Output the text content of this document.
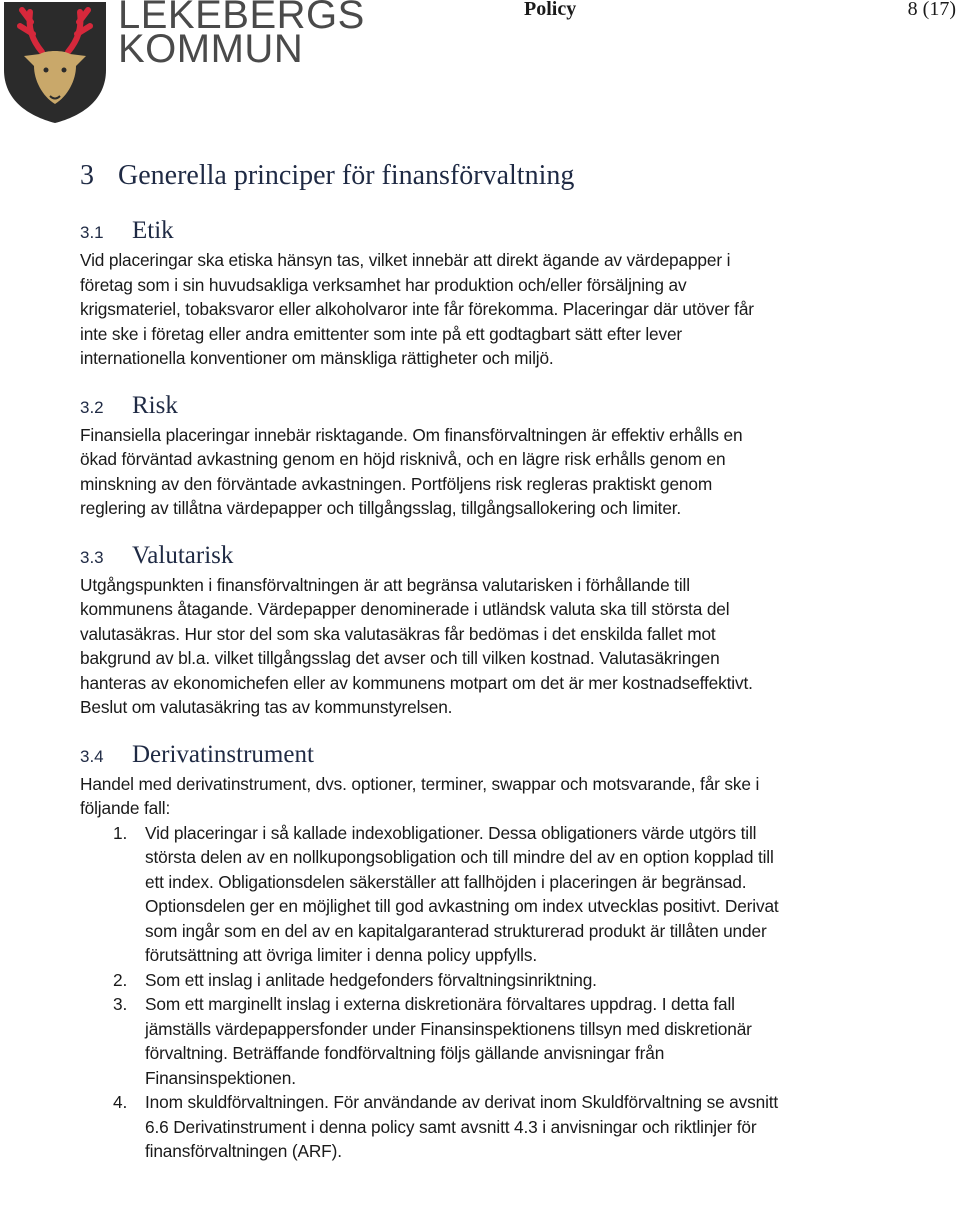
LEKEBERGS
KOMMUN
Policy	8 (17)
3 Generella principer för finansförvaltning
3.1 Etik

Vid placeringar ska etiska hänsyn tas, vilket innebär att direkt ägande av värdepapper i företag som i sin huvudsakliga verksamhet har produktion och/eller försäljning av krigsmateriel, tobaksvaror eller alkoholvaror inte får förekomma. Placeringar där utöver får inte ske i företag eller andra emittenter som inte på ett godtagbart sätt efter lever internationella konventioner om mänskliga rättigheter och miljö.

3.2 Risk

Finansiella placeringar innebär risktagande. Om finansförvaltningen är effektiv erhålls en ökad förväntad avkastning genom en höjd risknivå, och en lägre risk erhålls genom en minskning av den förväntade avkastningen. Portföljens risk regleras praktiskt genom reglering av tillåtna värdepapper och tillgångsslag, tillgångsallokering och limiter.

3.3 Valutarisk

Utgångspunkten i finansförvaltningen är att begränsa valutarisken i förhållande till kommunens åtagande. Värdepapper denominerade i utländsk valuta ska till största del valutasäkras. Hur stor del som ska valutasäkras får bedömas i det enskilda fallet mot bakgrund av bl.a. vilket tillgångsslag det avser och till vilken kostnad. Valutasäkringen hanteras av ekonomichefen eller av kommunens motpart om det är mer kostnadseffektivt. Beslut om valutasäkring tas av kommunstyrelsen.

3.4 Derivatinstrument

Handel med derivatinstrument, dvs. optioner, terminer, swappar och motsvarande, får ske i följande fall:

1. Vid placeringar i så kallade indexobligationer. Dessa obligationers värde utgörs till största delen av en nollkupongsobligation och till mindre del av en option kopplad till ett index. Obligationsdelen säkerställer att fallhöjden i placeringen är begränsad. Optionsdelen ger en möjlighet till god avkastning om index utvecklas positivt. Derivat som ingår som en del av en kapitalgaranterad strukturerad produkt är tillåten under förutsättning att övriga limiter i denna policy uppfylls.
2. Som ett inslag i anlitade hedgefonders förvaltningsinriktning.
3. Som ett marginellt inslag i externa diskretionära förvaltares uppdrag. I detta fall jämställs värdepappersfonder under Finansinspektionens tillsyn med diskretionär förvaltning. Beträffande fondförvaltning följs gällande anvisningar från Finansinspektionen.
4. Inom skuldförvaltningen. För användande av derivat inom Skuldförvaltning se avsnitt 6.6 Derivatinstrument i denna policy samt avsnitt 4.3 i anvisningar och riktlinjer för finansförvaltningen (ARF).
